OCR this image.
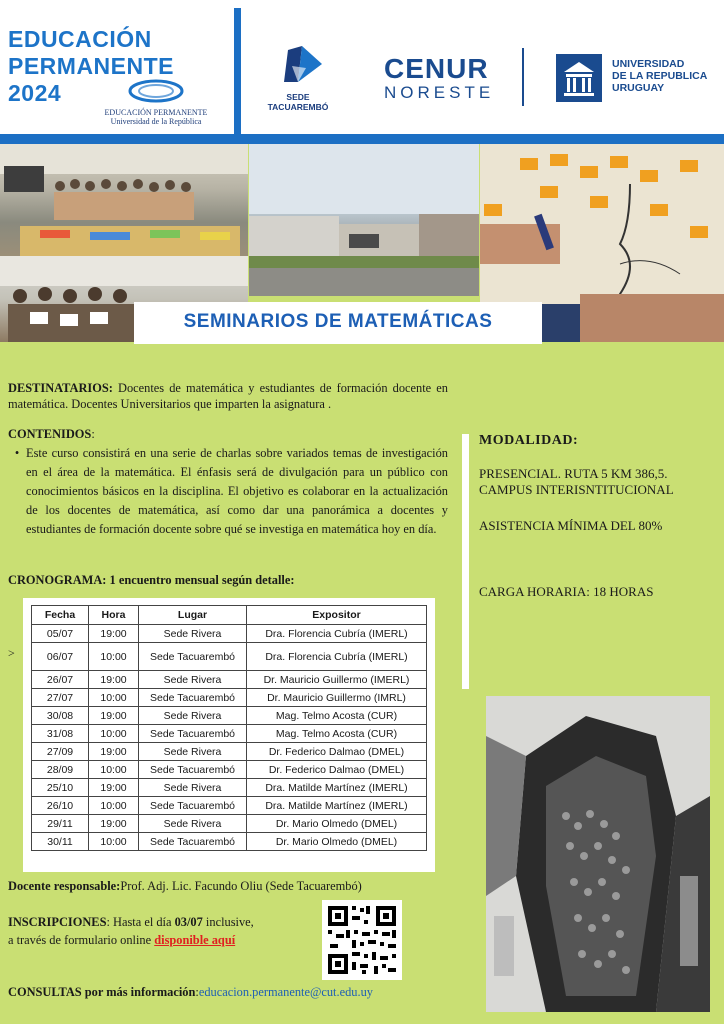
EDUCACIÓN
PERMANENTE
2024
EDUCACIÓN PERMANENTE
Universidad de la República
SEDE TACUAREMBÓ
CENUR
NORESTE
UNIVERSIDAD
DE LA REPUBLICA
URUGUAY
SEMINARIOS DE MATEMÁTICAS
DESTINATARIOS: Docentes de matemática y estudiantes de formación docente en matemática. Docentes Universitarios que imparten la asignatura .
CONTENIDOS:
• Este curso consistirá en una serie de charlas sobre variados temas de investigación en el área de la matemática. El énfasis será de divulgación para un público con conocimientos básicos en la disciplina. El objetivo es colaborar en la actualización de los docentes de matemática, así como dar una panorámica a docentes y estudiantes de formación docente sobre qué se investiga en matemática hoy en día.
CRONOGRAMA: 1 encuentro mensual según detalle:
>
Fecha	Hora	Lugar	Expositor
05/07	19:00	Sede Rivera	Dra. Florencia Cubría (IMERL)
06/07	10:00	Sede Tacuarembó	Dra. Florencia Cubría (IMERL)
26/07	19:00	Sede Rivera	Dr. Mauricio Guillermo (IMERL)
27/07	10:00	Sede Tacuarembó	Dr. Mauricio Guillermo (IMRL)
30/08	19:00	Sede Rivera	Mag. Telmo Acosta (CUR)
31/08	10:00	Sede Tacuarembó	Mag. Telmo Acosta (CUR)
27/09	19:00	Sede Rivera	Dr. Federico Dalmao (DMEL)
28/09	10:00	Sede Tacuarembó	Dr. Federico Dalmao (DMEL)
25/10	19:00	Sede Rivera	Dra. Matilde Martínez (IMERL)
26/10	10:00	Sede Tacuarembó	Dra. Matilde Martínez (IMERL)
29/11	19:00	Sede Rivera	Dr. Mario Olmedo (DMEL)
30/11	10:00	Sede Tacuarembó	Dr. Mario Olmedo (DMEL)
Docente responsable:Prof. Adj. Lic. Facundo Oliu (Sede Tacuarembó)
INSCRIPCIONES: Hasta el día 03/07 inclusive,
a través de formulario online disponible aquí
CONSULTAS por más información:educacion.permanente@cut.edu.uy
MODALIDAD:
PRESENCIAL. RUTA 5 KM 386,5.
CAMPUS INTERISNTITUCIONAL
ASISTENCIA MÍNIMA DEL 80%
CARGA HORARIA: 18 HORAS
